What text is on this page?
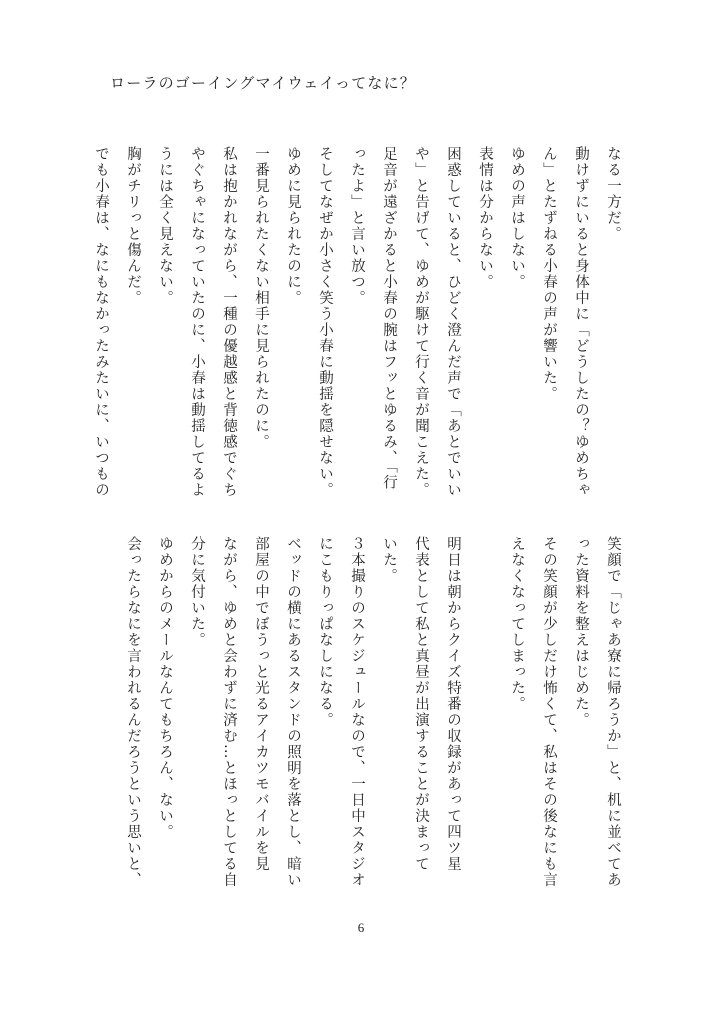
ローラのゴーイングマイウェイってなに？
なる一方だ。
動けずにいると身体中に「どうしたの？ゆめちゃ
ん」とたずねる小春の声が響いた。
ゆめの声はしない。
表情は分からない。
困惑していると、ひどく澄んだ声で「あとでいい
や」と告げて、ゆめが駆けて行く音が聞こえた。
足音が遠ざかると小春の腕はフッとゆるみ、「行
ったよ」と言い放つ。
そしてなぜか小さく笑う小春に動揺を隠せない。
ゆめに見られたのに。
一番見られたくない相手に見られたのに。
私は抱かれながら、一種の優越感と背徳感でぐち
やぐちゃになっていたのに、小春は動揺してるよ
うには全く見えない。
胸がチリっと傷んだ。
でも小春は、なにもなかったみたいに、いつもの
笑顔で「じゃあ寮に帰ろうか」と、机に並べてあ
った資料を整えはじめた。
その笑顔が少しだけ怖くて、私はその後なにも言
えなくなってしまった。

明日は朝からクイズ特番の収録があって四ツ星
代表として私と真昼が出演することが決まって
いた。
３本撮りのスケジュールなので、一日中スタジオ
にこもりっぱなしになる。
ベッドの横にあるスタンドの照明を落とし、暗い
部屋の中でぼうっと光るアイカツモバイルを見
ながら、ゆめと会わずに済む…とほっとしてる自
分に気付いた。
ゆめからのメールなんてもちろん、ない。
会ったらなにを言われるんだろうという思いと、
6
